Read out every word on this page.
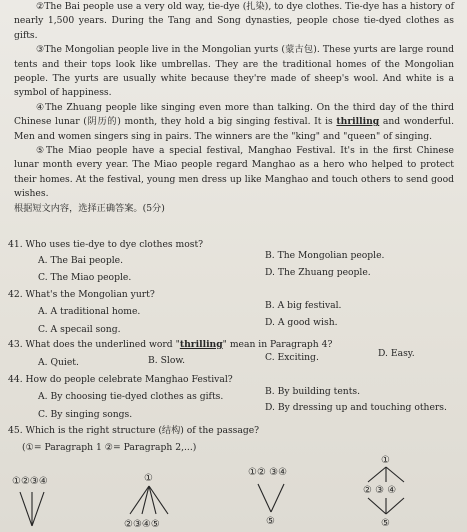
②The Bai people use a very old way, tie-dye (扎染), to dye clothes. Tie-dye has a history of nearly 1,500 years. During the Tang and Song dynasties, people chose tie-dyed clothes as gifts.

③The Mongolian people live in the Mongolian yurts (蒙古包). These yurts are large round tents and their tops look like umbrellas. They are the traditional homes of the Mongolian people. The yurts are usually white because they're made of sheep's wool. And white is a symbol of happiness.

④The Zhuang people like singing even more than talking. On the third day of the third Chinese lunar (阴历的) month, they hold a big singing festival. It is thrilling and wonderful. Men and women singers sing in pairs. The winners are the "king" and "queen" of singing.

⑤The Miao people have a special festival, Manghao Festival. It's in the first Chinese lunar month every year. The Miao people regard Manghao as a hero who helped to protect their homes. At the festival, young men dress up like Manghao and touch others to send good wishes.

根据短文内容，选择正确答案。(5分)

41. Who uses tie-dye to dye clothes most?
A. The Bai people.	B. The Mongolian people.
C. The Miao people.	D. The Zhuang people.
42. What's the Mongolian yurt?
A. A traditional home.
B. A big festival.
C. A specail song.
D. A good wish.
43. What does the underlined word "thrilling" mean in Paragraph 4?
A. Quiet.	B. Slow.	C. Exciting.	D. Easy.
44. How do people celebrate Manghao Festival?
A. By choosing tie-dyed clothes as gifts.	B. By building tents.
C. By singing songs.
D. By dressing up and touching others.
45. Which is the right structure (结构) of the passage?
(①= Paragraph 1 ②= Paragraph 2,...)
①②③④	①
②③④⑤
①② ③④
⑤
①
② ③ ④
⑤
